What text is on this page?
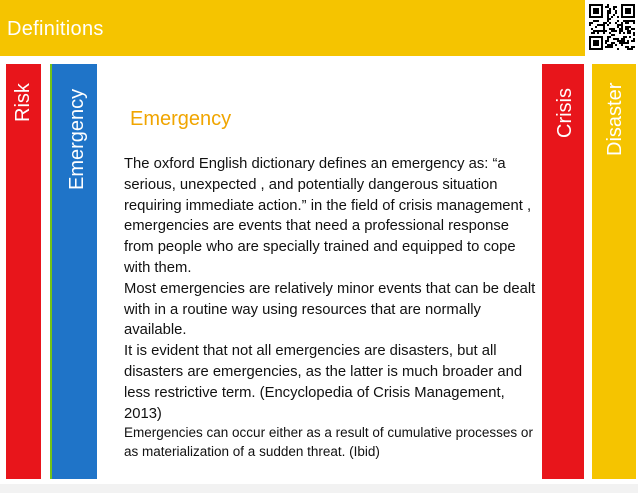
Definitions
Risk Emergency Emergency

The oxford English dictionary defines an emergency as: “a serious, unexpected , and potentially dangerous situation requiring immediate action.” in the field of crisis management , emergencies are events that need a professional response from people who are specially trained and equipped to cope with them.

Most emergencies are relatively minor events that can be dealt with in a routine way using resources that are normally available.

It is evident that not all emergencies are disasters, but all disasters are emergencies, as the latter is much broader and less restrictive term. (Encyclopedia of Crisis Management, 2013)

Emergencies can occur either as a result of cumulative processes or as materialization of a sudden threat. (Ibid)

Crisis Disaster
